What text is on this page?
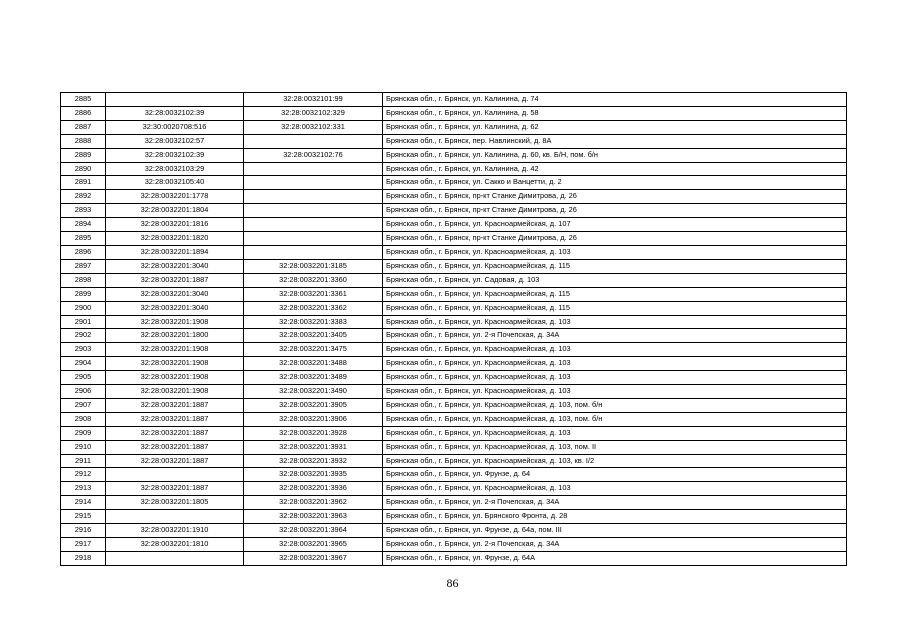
2885		32:28:0032101:99	Брянская обл., г. Брянск, ул. Калинина, д. 74
2886	32:28:0032102:39	32:28:0032102:329	Брянская обл., г. Брянск, ул. Калинина, д. 58
2887	32:30:0020708:516	32:28:0032102:331	Брянская обл., г. Брянск, ул. Калинина, д. 62
2888	32:28:0032102:57		Брянская обл., г. Брянск, пер. Навлинский, д. 8А
2889	32:28:0032102:39	32:28:0032102:76	Брянская обл., г. Брянск, ул. Калинина, д. 60, кв. Б/Н, пом. б/н
2890	32:28:0032103:29		Брянская обл., г. Брянск, ул. Калинина, д. 42
2891	32:28:0032105:40		Брянская обл., г. Брянск, ул. Сакко и Ванцетти, д. 2
2892	32:28:0032201:1778		Брянская обл., г. Брянск, пр-кт Станке Димитрова, д. 26
2893	32:28:0032201:1804		Брянская обл., г. Брянск, пр-кт Станке Димитрова, д. 26
2894	32:28:0032201:1816		Брянская обл., г. Брянск, ул. Красноармейская, д. 107
2895	32:28:0032201:1820		Брянская обл., г. Брянск, пр-кт Станке Димитрова, д. 26
2896	32:28:0032201:1894		Брянская обл., г. Брянск, ул. Красноармейская, д. 103
2897	32:28:0032201:3040	32:28:0032201:3185	Брянская обл., г. Брянск, ул. Красноармейская, д. 115
2898	32:28:0032201:1887	32:28:0032201:3360	Брянская обл., г. Брянск, ул. Садовая, д. 103
2899	32:28:0032201:3040	32:28:0032201:3361	Брянская обл., г. Брянск, ул. Красноармейская, д. 115
2900	32:28:0032201:3040	32:28:0032201:3362	Брянская обл., г. Брянск, ул. Красноармейская, д. 115
2901	32:28:0032201:1908	32:28:0032201:3383	Брянская обл., г. Брянск, ул. Красноармейская, д. 103
2902	32:28:0032201:1800	32:28:0032201:3405	Брянская обл., г. Брянск, ул. 2-я Почепская, д. 34А
2903	32:28:0032201:1908	32:28:0032201:3475	Брянская обл., г. Брянск, ул. Красноармейская, д. 103
2904	32:28:0032201:1908	32:28:0032201:3488	Брянская обл., г. Брянск, ул. Красноармейская, д. 103
2905	32:28:0032201:1908	32:28:0032201:3489	Брянская обл., г. Брянск, ул. Красноармейская, д. 103
2906	32:28:0032201:1908	32:28:0032201:3490	Брянская обл., г. Брянск, ул. Красноармейская, д. 103
2907	32:28:0032201:1887	32:28:0032201:3905	Брянская обл., г. Брянск, ул. Красноармейская, д. 103, пом. б/н
2908	32:28:0032201:1887	32:28:0032201:3906	Брянская обл., г. Брянск, ул. Красноармейская, д. 103, пом. б/н
2909	32:28:0032201:1887	32:28:0032201:3928	Брянская обл., г. Брянск, ул. Красноармейская, д. 103
2910	32:28:0032201:1887	32:28:0032201:3931	Брянская обл., г. Брянск, ул. Красноармейская, д. 103, пом. II
2911	32:28:0032201:1887	32:28:0032201:3932	Брянская обл., г. Брянск, ул. Красноармейская, д. 103, кв. I/2
2912		32:28:0032201:3935	Брянская обл., г. Брянск, ул. Фрунзе, д. 64
2913	32:28:0032201:1887	32:28:0032201:3936	Брянская обл., г. Брянск, ул. Красноармейская, д. 103
2914	32:28:0032201:1805	32:28:0032201:3962	Брянская обл., г. Брянск, ул. 2-я Почепская, д. 34А
2915		32:28:0032201:3963	Брянская обл., г. Брянск, ул. Брянского Фронта, д. 28
2916	32:28:0032201:1910	32:28:0032201:3964	Брянская обл., г. Брянск, ул. Фрунзе, д. 64а, пом. III
2917	32:28:0032201:1810	32:28:0032201:3965	Брянская обл., г. Брянск, ул. 2-я Почепская, д. 34А
2918		32:28:0032201:3967	Брянская обл., г. Брянск, ул. Фрунзе, д. 64А
86
